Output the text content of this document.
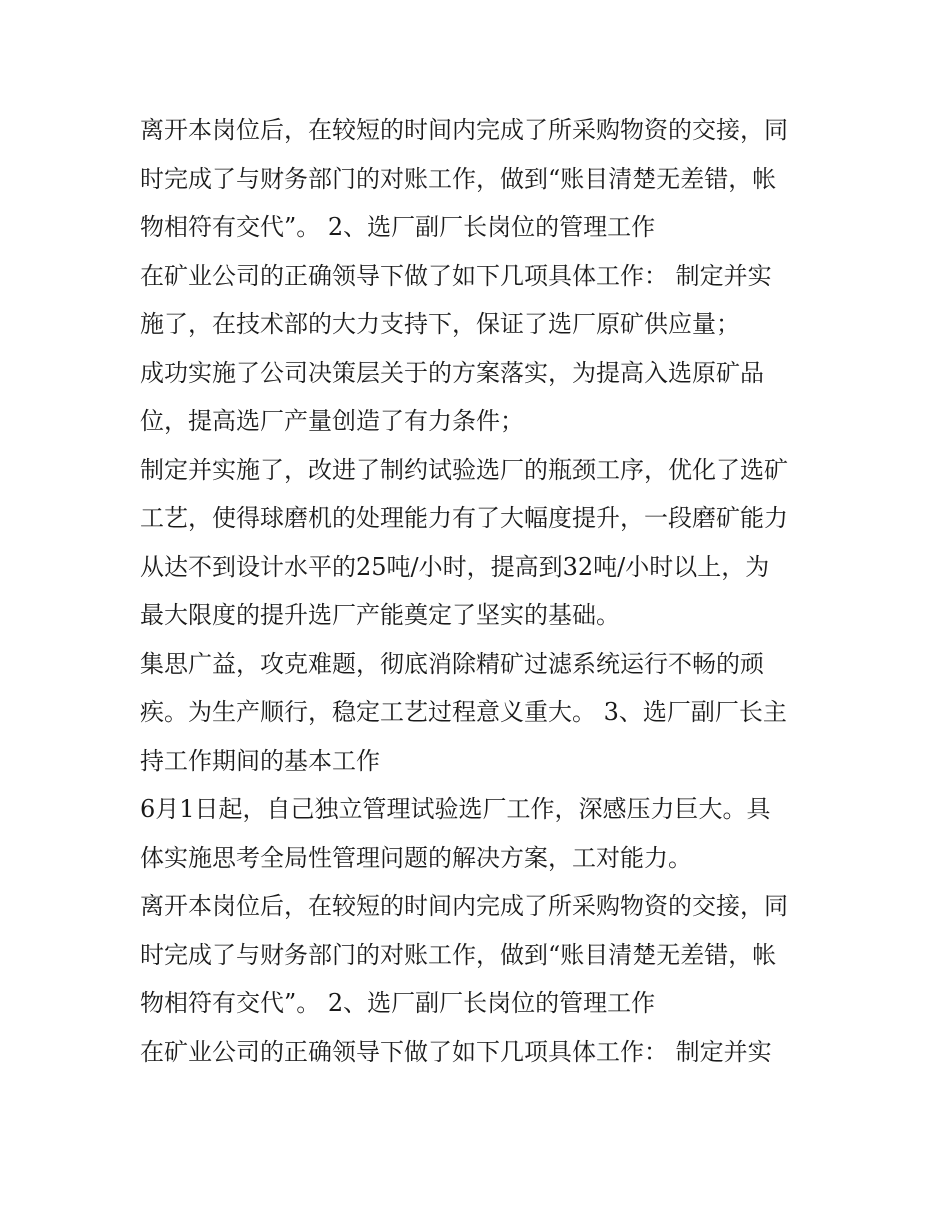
离开本岗位后，在较短的时间内完成了所采购物资的交接，同

时完成了与财务部门的对账工作，做到“账目清楚无差错，帐

物相符有交代”。 2、选厂副厂长岗位的管理工作

在矿业公司的正确领导下做了如下几项具体工作： 制定并实

施了，在技术部的大力支持下，保证了选厂原矿供应量；

成功实施了公司决策层关于的方案落实，为提高入选原矿品

位，提高选厂产量创造了有力条件；

制定并实施了，改进了制约试验选厂的瓶颈工序，优化了选矿

工艺，使得球磨机的处理能力有了大幅度提升，一段磨矿能力

从达不到设计水平的25吨/小时，提高到32吨/小时以上，为

最大限度的提升选厂产能奠定了坚实的基础。

集思广益，攻克难题，彻底消除精矿过滤系统运行不畅的顽

疾。为生产顺行，稳定工艺过程意义重大。 3、选厂副厂长主

持工作期间的基本工作

6月1日起，自己独立管理试验选厂工作，深感压力巨大。具

体实施思考全局性管理问题的解决方案，工对能力。

离开本岗位后，在较短的时间内完成了所采购物资的交接，同

时完成了与财务部门的对账工作，做到“账目清楚无差错，帐

物相符有交代”。 2、选厂副厂长岗位的管理工作

在矿业公司的正确领导下做了如下几项具体工作： 制定并实
